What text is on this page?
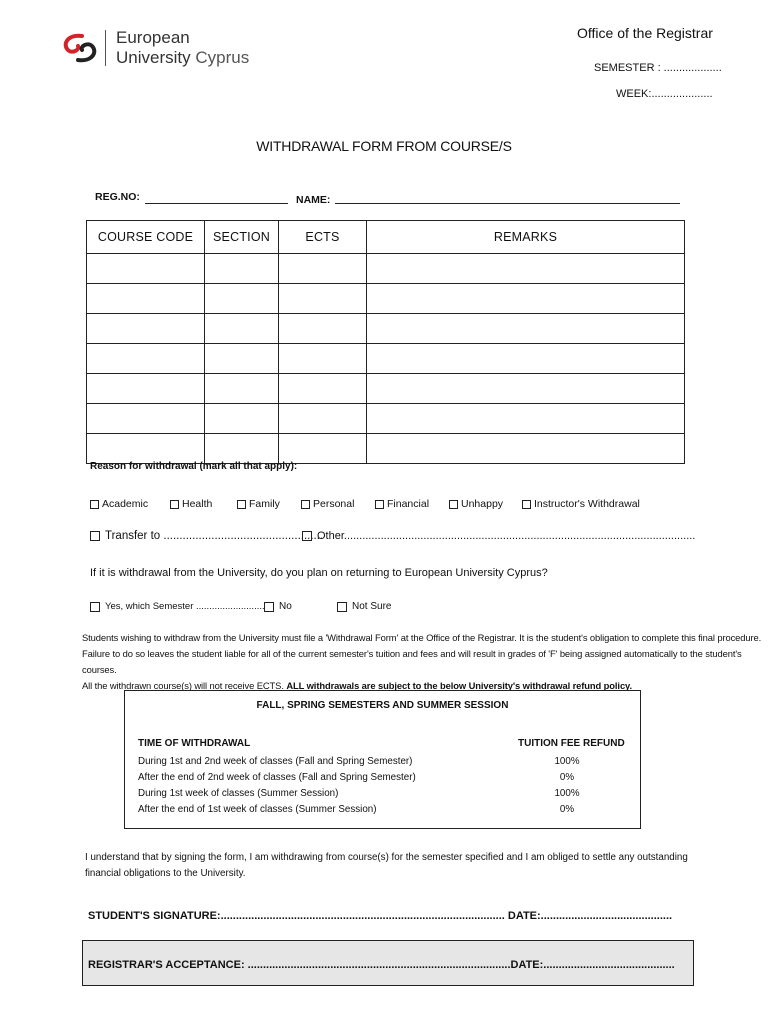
European
University Cyprus
Office of the Registrar
SEMESTER : ...................
WEEK:....................
WITHDRAWAL FORM FROM COURSE/S
REG.NO:	NAME:
COURSE CODE	SECTION	ECTS	REMARKS

Reason for withdrawal (mark all that apply):
Academic	Health	Family	Personal	Financial	Unhappy	Instructor's Withdrawal
Transfer to ..................................................
Other...................................................................................................................
If it is withdrawal from the University, do you plan on returning to European University Cyprus?
Yes, which Semester .......................... No	Not Sure
Students wishing to withdraw from the University must file a 'Withdrawal Form' at the Office of the Registrar. It is the student's obligation to complete this final procedure.
Failure to do so leaves the student liable for all of the current semester's tuition and fees and will result in grades of 'F' being assigned automatically to the student's courses.
All the withdrawn course(s) will not receive ECTS. ALL withdrawals are subject to the below University's withdrawal refund policy.
FALL, SPRING SEMESTERS AND SUMMER SESSION
TIME OF WITHDRAWAL	TUITION FEE REFUND
During 1st and 2nd week of classes (Fall and Spring Semester)	100%
After the end of 2nd week of classes (Fall and Spring Semester)	0%
During 1st week of classes (Summer Session)	100%
After the end of 1st week of classes (Summer Session)	0%
I understand that by signing the form, I am withdrawing from course(s) for the semester specified and I am obliged to settle any outstanding financial obligations to the University.
STUDENT'S SIGNATURE:............................................................................................. DATE:...........................................
REGISTRAR'S ACCEPTANCE: ......................................................................................DATE:...........................................
